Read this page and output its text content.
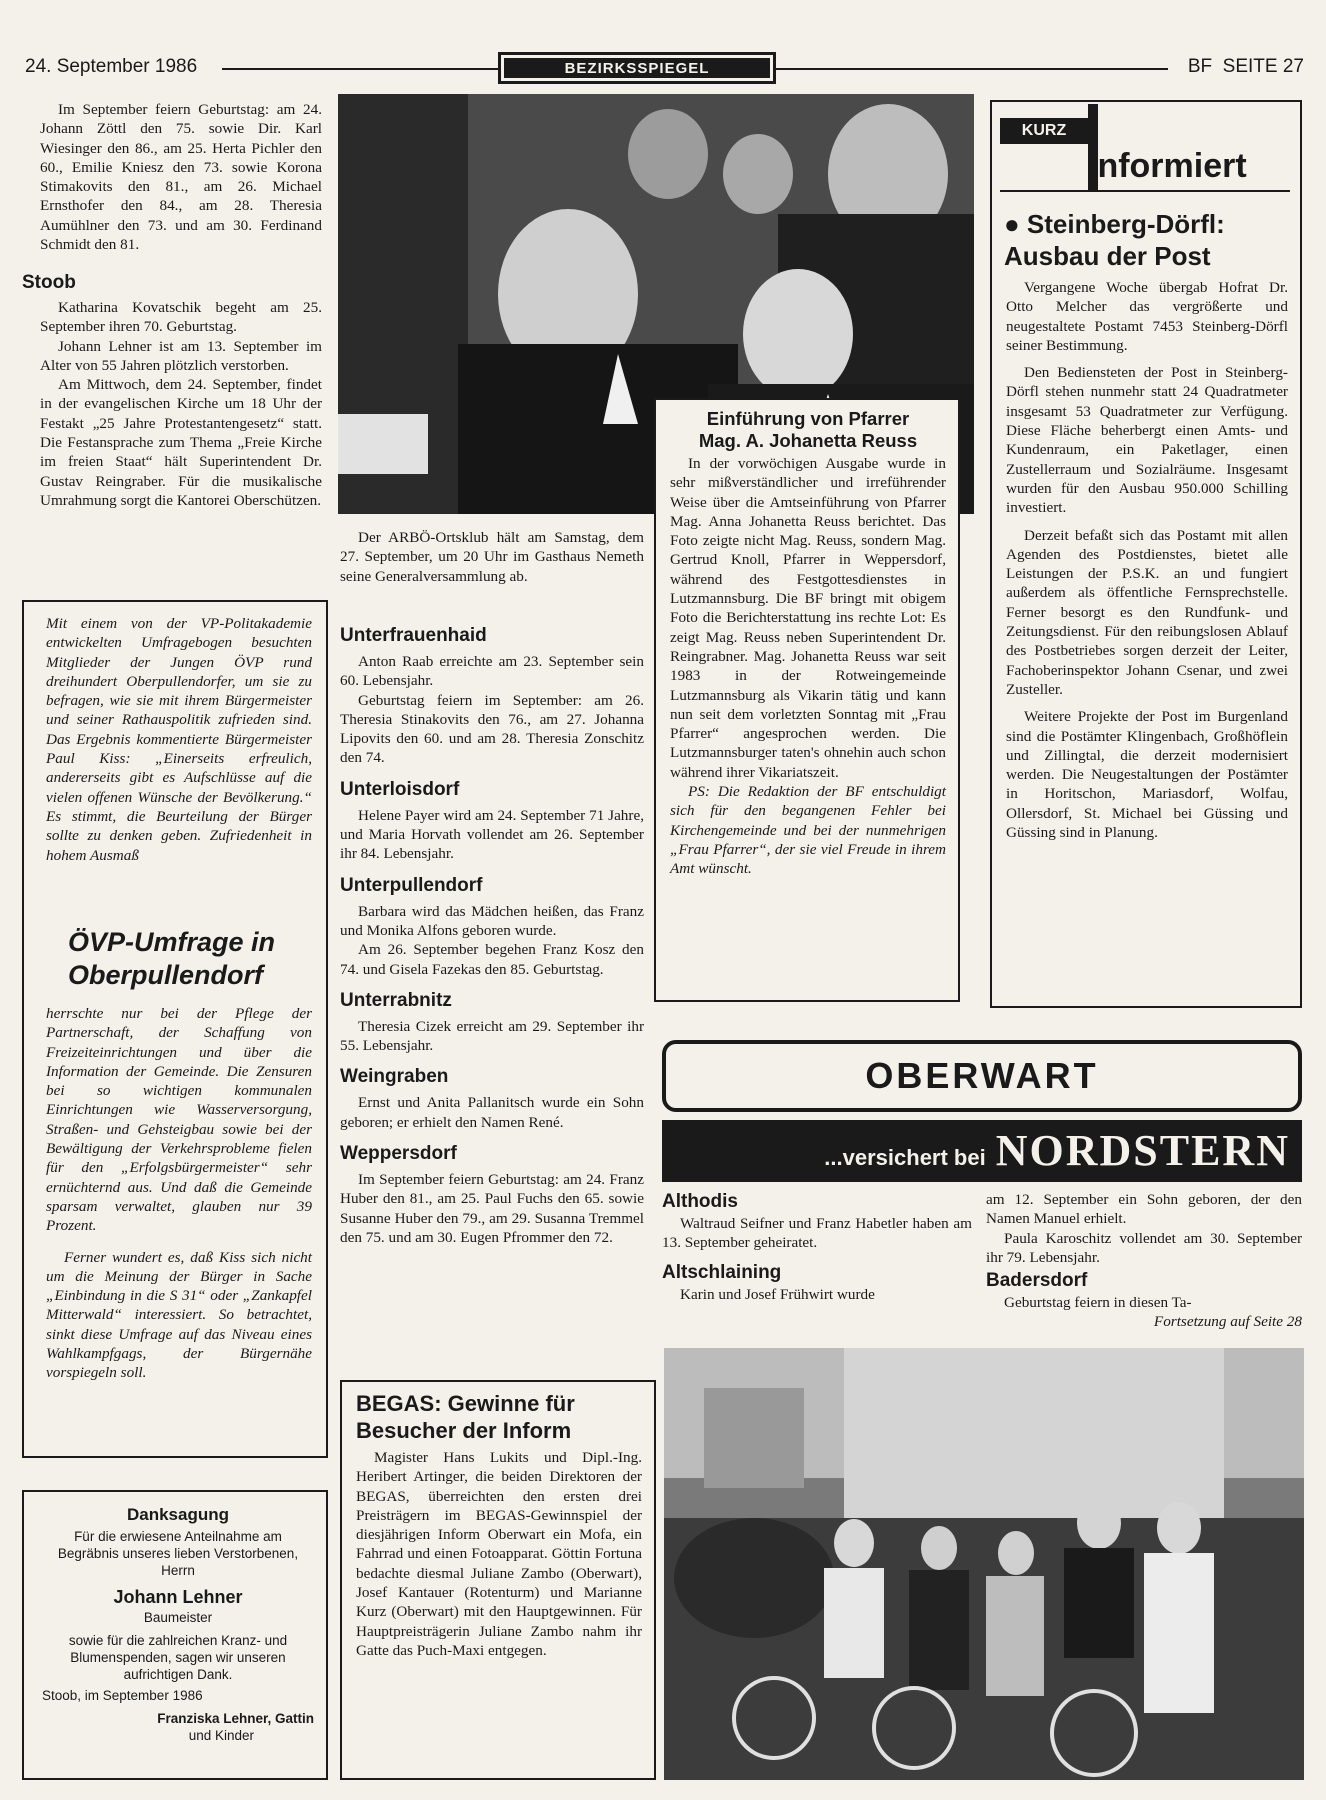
24. September 1986	BEZIRKSSPIEGEL	BF  SEITE 27
Im September feiern Geburtstag: am 24. Johann Zöttl den 75. sowie Dir. Karl Wiesinger den 86., am 25. Herta Pichler den 60., Emilie Kniesz den 73. sowie Korona Stimakovits den 81., am 26. Michael Ernsthofer den 84., am 28. Theresia Aumühlner den 73. und am 30. Ferdinand Schmidt den 81.
Stoob
Katharina Kovatschik begeht am 25. September ihren 70. Geburtstag.
Johann Lehner ist am 13. September im Alter von 55 Jahren plötzlich verstorben.
Am Mittwoch, dem 24. September, findet in der evangelischen Kirche um 18 Uhr der Festakt „25 Jahre Protestantengesetz“ statt. Die Festansprache zum Thema „Freie Kirche im freien Staat“ hält Superintendent Dr. Gustav Reingraber. Für die musikalische Umrahmung sorgt die Kantorei Oberschützen.
Mit einem von der VP-Politakademie entwickelten Umfragebogen besuchten Mitglieder der Jungen ÖVP rund dreihundert Oberpullendorfer, um sie zu befragen, wie sie mit ihrem Bürgermeister und seiner Rathauspolitik zufrieden sind. Das Ergebnis kommentierte Bürgermeister Paul Kiss: „Einerseits erfreulich, andererseits gibt es Aufschlüsse auf die vielen offenen Wünsche der Bevölkerung.“ Es stimmt, die Beurteilung der Bürger sollte zu denken geben. Zufriedenheit in hohem Ausmaß
ÖVP-Umfrage in
Oberpullendorf
herrschte nur bei der Pflege der Partnerschaft, der Schaffung von Freizeiteinrichtungen und über die Information der Gemeinde. Die Zensuren bei so wichtigen kommunalen Einrichtungen wie Wasserversorgung, Straßen- und Gehsteigbau sowie bei der Bewältigung der Verkehrsprobleme fielen für den „Erfolgsbürgermeister“ sehr ernüchternd aus. Und daß die Gemeinde sparsam verwaltet, glauben nur 39 Prozent.
Ferner wundert es, daß Kiss sich nicht um die Meinung der Bürger in Sache „Einbindung in die S 31“ oder „Zankapfel Mitterwald“ interessiert. So betrachtet, sinkt diese Umfrage auf das Niveau eines Wahlkampfgags, der Bürgernähe vorspiegeln soll.
Danksagung
Für die erwiesene Anteilnahme am Begräbnis unseres lieben Verstorbenen, Herrn
Johann Lehner
Baumeister
sowie für die zahlreichen Kranz- und Blumenspenden, sagen wir unseren aufrichtigen Dank.
Stoob, im September 1986
Franziska Lehner, Gattin
und Kinder
Der ARBÖ-Ortsklub hält am Samstag, dem 27. September, um 20 Uhr im Gasthaus Nemeth seine Generalversammlung ab.
Unterfrauenhaid
Anton Raab erreichte am 23. September sein 60. Lebensjahr.
Geburtstag feiern im September: am 26. Theresia Stinakovits den 76., am 27. Johanna Lipovits den 60. und am 28. Theresia Zonschitz den 74.
Unterloisdorf
Helene Payer wird am 24. September 71 Jahre, und Maria Horvath vollendet am 26. September ihr 84. Lebensjahr.
Unterpullendorf
Barbara wird das Mädchen heißen, das Franz und Monika Alfons geboren wurde.
Am 26. September begehen Franz Kosz den 74. und Gisela Fazekas den 85. Geburtstag.
Unterrabnitz
Theresia Cizek erreicht am 29. September ihr 55. Lebensjahr.
Weingraben
Ernst und Anita Pallanitsch wurde ein Sohn geboren; er erhielt den Namen René.
Weppersdorf
Im September feiern Geburtstag: am 24. Franz Huber den 81., am 25. Paul Fuchs den 65. sowie Susanne Huber den 79., am 29. Susanna Tremmel den 75. und am 30. Eugen Pfrommer den 72.
Einführung von Pfarrer
Mag. A. Johanetta Reuss
In der vorwöchigen Ausgabe wurde in sehr mißverständlicher und irreführender Weise über die Amtseinführung von Pfarrer Mag. Anna Johanetta Reuss berichtet. Das Foto zeigte nicht Mag. Reuss, sondern Mag. Gertrud Knoll, Pfarrer in Weppersdorf, während des Festgottesdienstes in Lutzmannsburg. Die BF bringt mit obigem Foto die Berichterstattung ins rechte Lot: Es zeigt Mag. Reuss neben Superintendent Dr. Reingrabner. Mag. Johanetta Reuss war seit 1983 in der Rotweingemeinde Lutzmannsburg als Vikarin tätig und kann nun seit dem vorletzten Sonntag mit „Frau Pfarrer“ angesprochen werden. Die Lutzmannsburger taten's ohnehin auch schon während ihrer Vikariatszeit.
PS: Die Redaktion der BF entschuldigt sich für den begangenen Fehler bei Kirchengemeinde und bei der nunmehrigen „Frau Pfarrer“, der sie viel Freude in ihrem Amt wünscht.
KURZ
informiert
● Steinberg-Dörfl:
Ausbau der Post
Vergangene Woche übergab Hofrat Dr. Otto Melcher das vergrößerte und neugestaltete Postamt 7453 Steinberg-Dörfl seiner Bestimmung.
Den Bediensteten der Post in Steinberg-Dörfl stehen nunmehr statt 24 Quadratmeter insgesamt 53 Quadratmeter zur Verfügung. Diese Fläche beherbergt einen Amts- und Kundenraum, ein Paketlager, einen Zustellerraum und Sozialräume. Insgesamt wurden für den Ausbau 950.000 Schilling investiert.
Derzeit befaßt sich das Postamt mit allen Agenden des Postdienstes, bietet alle Leistungen der P.S.K. an und fungiert außerdem als öffentliche Fernsprechstelle. Ferner besorgt es den Rundfunk- und Zeitungsdienst. Für den reibungslosen Ablauf des Postbetriebes sorgen derzeit der Leiter, Fachoberinspektor Johann Csenar, und zwei Zusteller.
Weitere Projekte der Post im Burgenland sind die Postämter Klingenbach, Großhöflein und Zillingtal, die derzeit modernisiert werden. Die Neugestaltungen der Postämter in Horitschon, Mariasdorf, Wolfau, Ollersdorf, St. Michael bei Güssing und Güssing sind in Planung.
OBERWART
...versichert bei NORDSTERN
Althodis
Waltraud Seifner und Franz Habetler haben am 13. September geheiratet.
Altschlaining
Karin und Josef Frühwirt wurde
am 12. September ein Sohn geboren, der den Namen Manuel erhielt.
Paula Karoschitz vollendet am 30. September ihr 79. Lebensjahr.
Badersdorf
Geburtstag feiern in diesen Ta-
Fortsetzung auf Seite 28
BEGAS: Gewinne für
Besucher der Inform
Magister Hans Lukits und Dipl.-Ing. Heribert Artinger, die beiden Direktoren der BEGAS, überreichten den ersten drei Preisträgern im BEGAS-Gewinnspiel der diesjährigen Inform Oberwart ein Mofa, ein Fahrrad und einen Fotoapparat. Göttin Fortuna bedachte diesmal Juliane Zambo (Oberwart), Josef Kantauer (Rotenturm) und Marianne Kurz (Oberwart) mit den Hauptgewinnen. Für Hauptpreisträgerin Juliane Zambo nahm ihr Gatte das Puch-Maxi entgegen.
